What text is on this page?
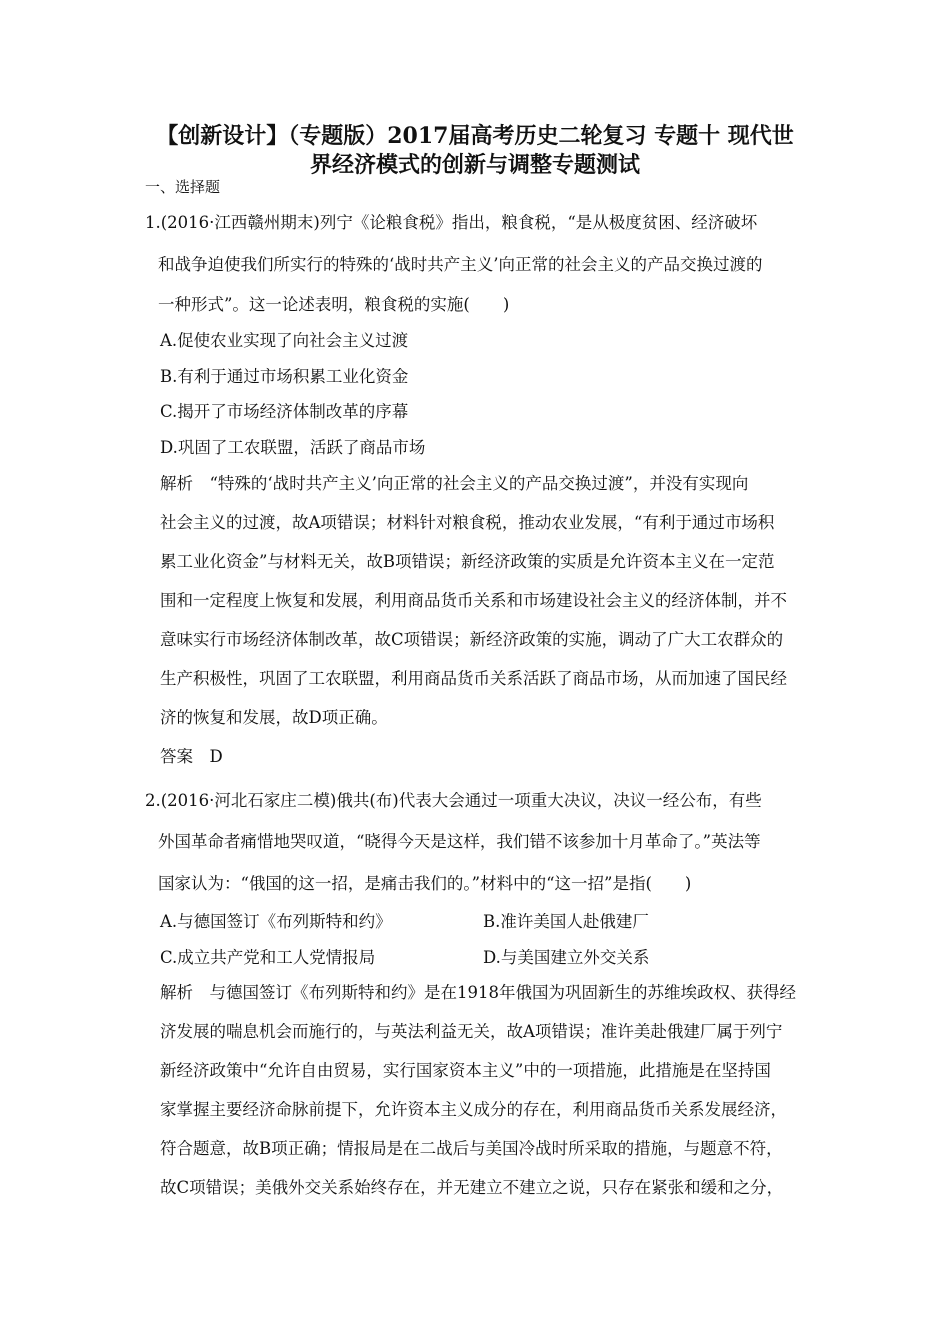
【创新设计】（专题版）2017届高考历史二轮复习 专题十 现代世
界经济模式的创新与调整专题测试
一、选择题
1.(2016·江西赣州期末)列宁《论粮食税》指出，粮食税，“是从极度贫困、经济破坏
和战争迫使我们所实行的特殊的‘战时共产主义’向正常的社会主义的产品交换过渡的
一种形式”。这一论述表明，粮食税的实施(　　)
A.促使农业实现了向社会主义过渡
B.有利于通过市场积累工业化资金
C.揭开了市场经济体制改革的序幕
D.巩固了工农联盟，活跃了商品市场
解析　“特殊的‘战时共产主义’向正常的社会主义的产品交换过渡”，并没有实现向
社会主义的过渡，故A项错误；材料针对粮食税，推动农业发展，“有利于通过市场积
累工业化资金”与材料无关，故B项错误；新经济政策的实质是允许资本主义在一定范
围和一定程度上恢复和发展，利用商品货币关系和市场建设社会主义的经济体制，并不
意味实行市场经济体制改革，故C项错误；新经济政策的实施，调动了广大工农群众的
生产积极性，巩固了工农联盟，利用商品货币关系活跃了商品市场，从而加速了国民经
济的恢复和发展，故D项正确。
答案　D
2.(2016·河北石家庄二模)俄共(布)代表大会通过一项重大决议，决议一经公布，有些
外国革命者痛惜地哭叹道，“晓得今天是这样，我们错不该参加十月革命了。”英法等
国家认为：“俄国的这一招，是痛击我们的。”材料中的“这一招”是指(　　)
A.与德国签订《布列斯特和约》	B.准许美国人赴俄建厂
C.成立共产党和工人党情报局	D.与美国建立外交关系
解析　与德国签订《布列斯特和约》是在1918年俄国为巩固新生的苏维埃政权、获得经
济发展的喘息机会而施行的，与英法利益无关，故A项错误；准许美赴俄建厂属于列宁
新经济政策中“允许自由贸易，实行国家资本主义”中的一项措施，此措施是在坚持国
家掌握主要经济命脉前提下，允许资本主义成分的存在，利用商品货币关系发展经济，
符合题意，故B项正确；情报局是在二战后与美国冷战时所采取的措施，与题意不符，
故C项错误；美俄外交关系始终存在，并无建立不建立之说，只存在紧张和缓和之分，
